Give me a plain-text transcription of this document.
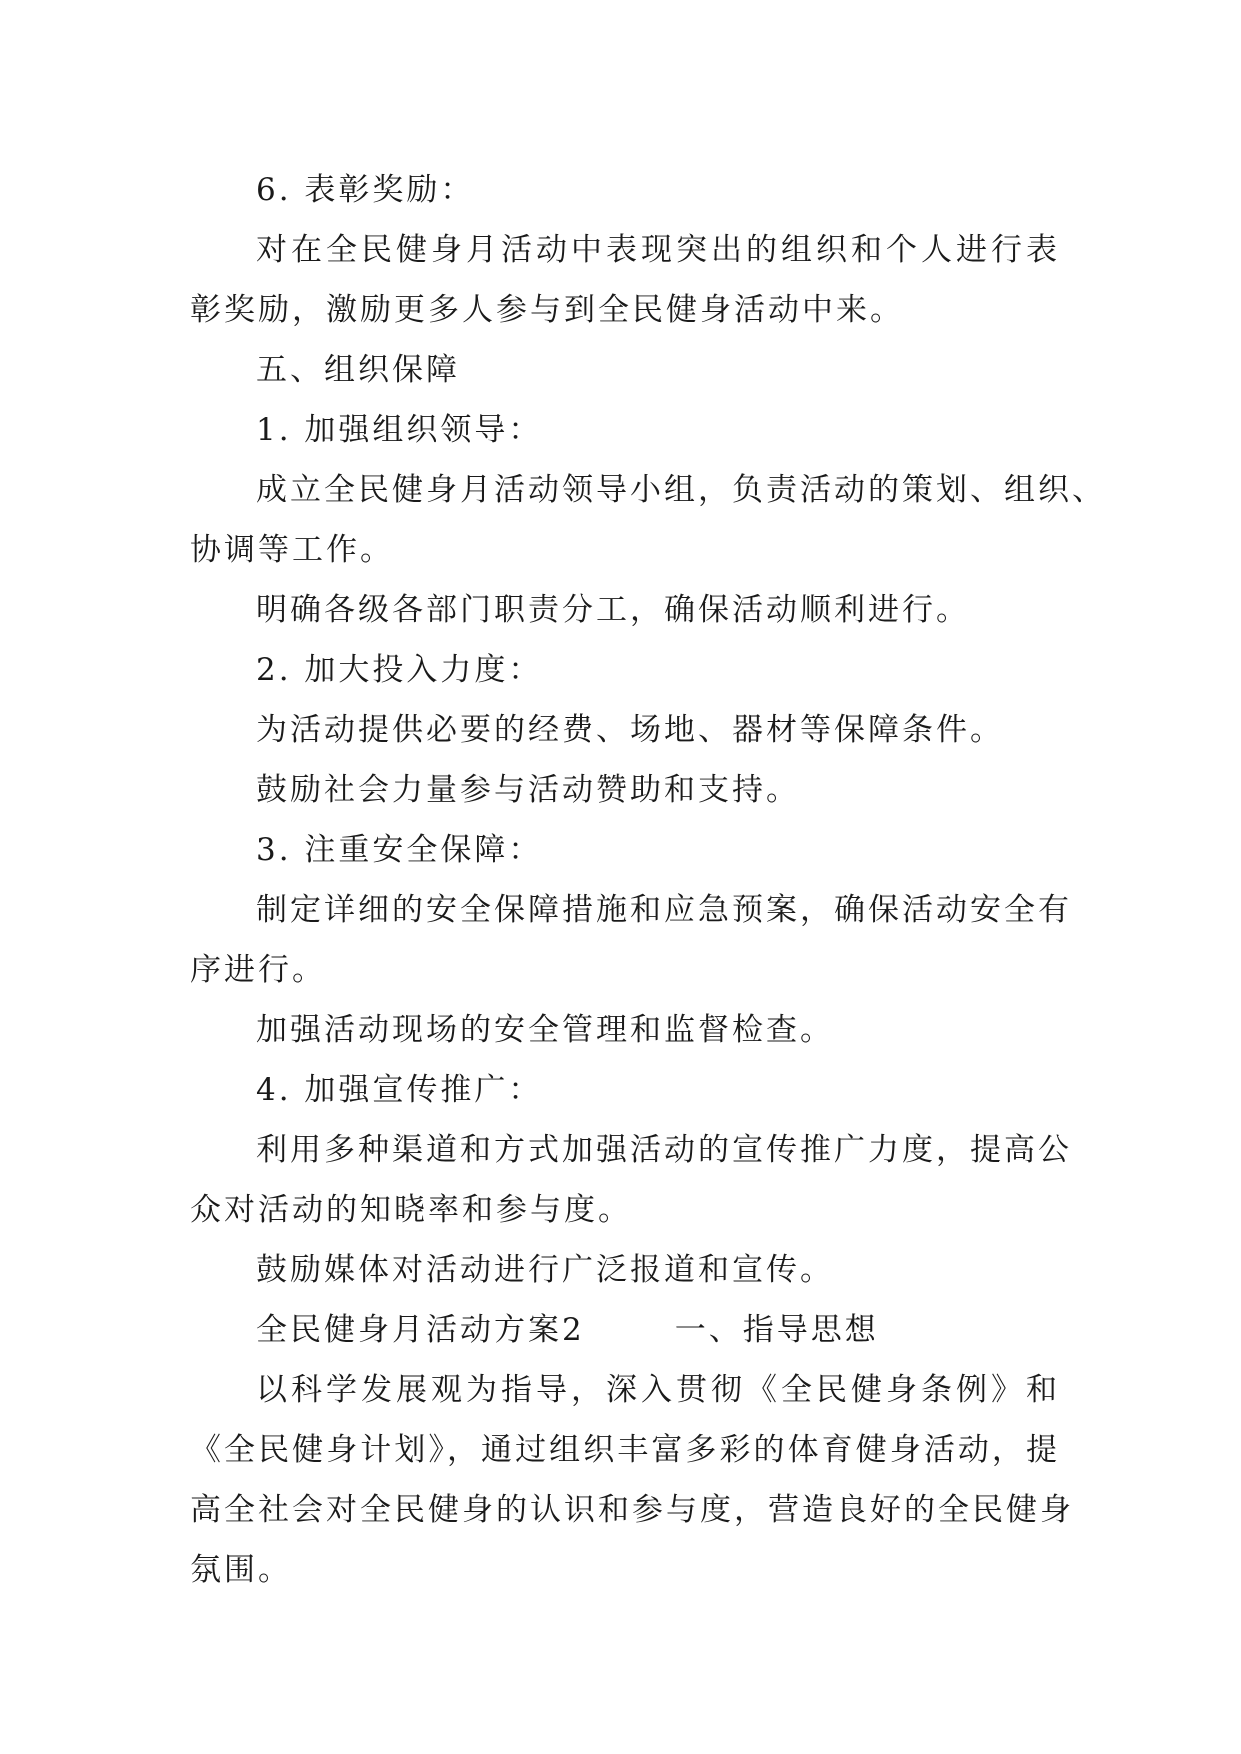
6. 表彰奖励：
对在全民健身月活动中表现突出的组织和个人进行表
彰奖励，激励更多人参与到全民健身活动中来。
五、组织保障
1. 加强组织领导：
成立全民健身月活动领导小组，负责活动的策划、组织、
协调等工作。
明确各级各部门职责分工，确保活动顺利进行。
2. 加大投入力度：
为活动提供必要的经费、场地、器材等保障条件。
鼓励社会力量参与活动赞助和支持。
3. 注重安全保障：
制定详细的安全保障措施和应急预案，确保活动安全有
序进行。
加强活动现场的安全管理和监督检查。
4. 加强宣传推广：
利用多种渠道和方式加强活动的宣传推广力度，提高公
众对活动的知晓率和参与度。
鼓励媒体对活动进行广泛报道和宣传。
全民健身月活动方案2	一、指导思想
以科学发展观为指导，深入贯彻《全民健身条例》和
《全民健身计划》，通过组织丰富多彩的体育健身活动，提
高全社会对全民健身的认识和参与度，营造良好的全民健身
氛围。
